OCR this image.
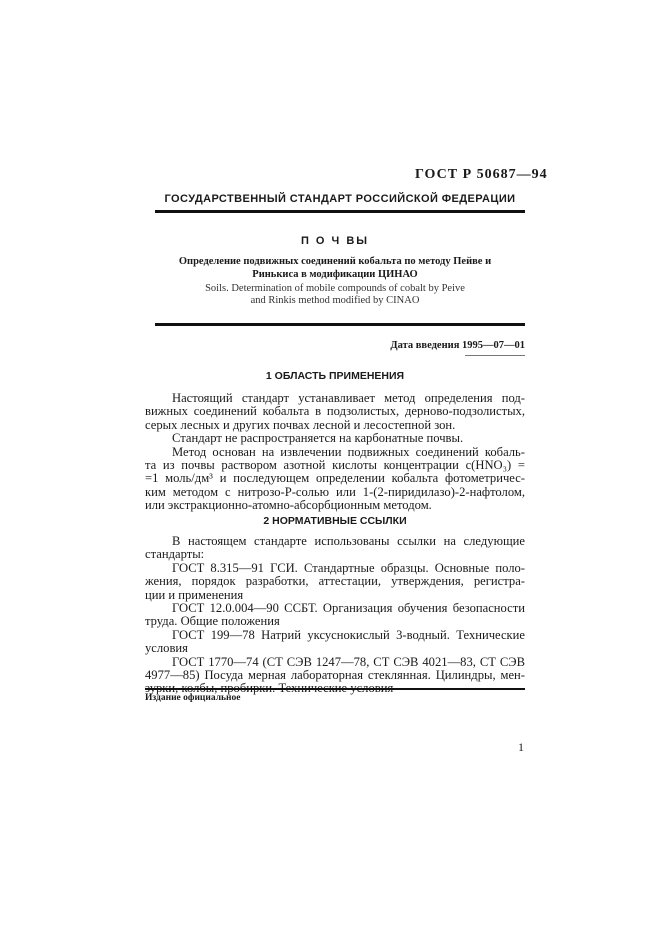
ГОСТ Р 50687—94
ГОСУДАРСТВЕННЫЙ СТАНДАРТ РОССИЙСКОЙ ФЕДЕРАЦИИ
П О Ч ВЫ
Определение подвижных соединений кобальта по методу Пейве и
Ринькиса в модификации ЦИНАО
Soils. Determination of mobile compounds of cobalt by Peive
and Rinkis method modified by CINAO
Дата введения 1995—07—01
1 ОБЛАСТЬ ПРИМЕНЕНИЯ
Настоящий стандарт устанавливает метод определения под-
вижных соединений кобальта в подзолистых, дерново-подзолистых,
серых лесных и других почвах лесной и лесостепной зон.
Стандарт не распространяется на карбонатные почвы.
Метод основан на извлечении подвижных соединений кобаль-
та из почвы раствором азотной кислоты концентрации c(HNO₃) =
=1 моль/дм³ и последующем определении кобальта фотометричес-
ким методом с нитрозо-Р-солью или 1-(2-пиридилазо)-2-нафтолом,
или экстракционно-атомно-абсорбционным методом.
2 НОРМАТИВНЫЕ ССЫЛКИ
В настоящем стандарте использованы ссылки на следующие
стандарты:
ГОСТ 8.315—91 ГСИ. Стандартные образцы. Основные поло-
жения, порядок разработки, аттестации, утверждения, регистра-
ции и применения
ГОСТ 12.0.004—90 ССБТ. Организация обучения безопасности
труда. Общие положения
ГОСТ 199—78 Натрий уксуснокислый 3-водный. Технические
условия
ГОСТ 1770—74 (СТ СЭВ 1247—78, СТ СЭВ 4021—83, СТ СЭВ
4977—85) Посуда мерная лабораторная стеклянная. Цилиндры, мен-
Издание официальное
1
